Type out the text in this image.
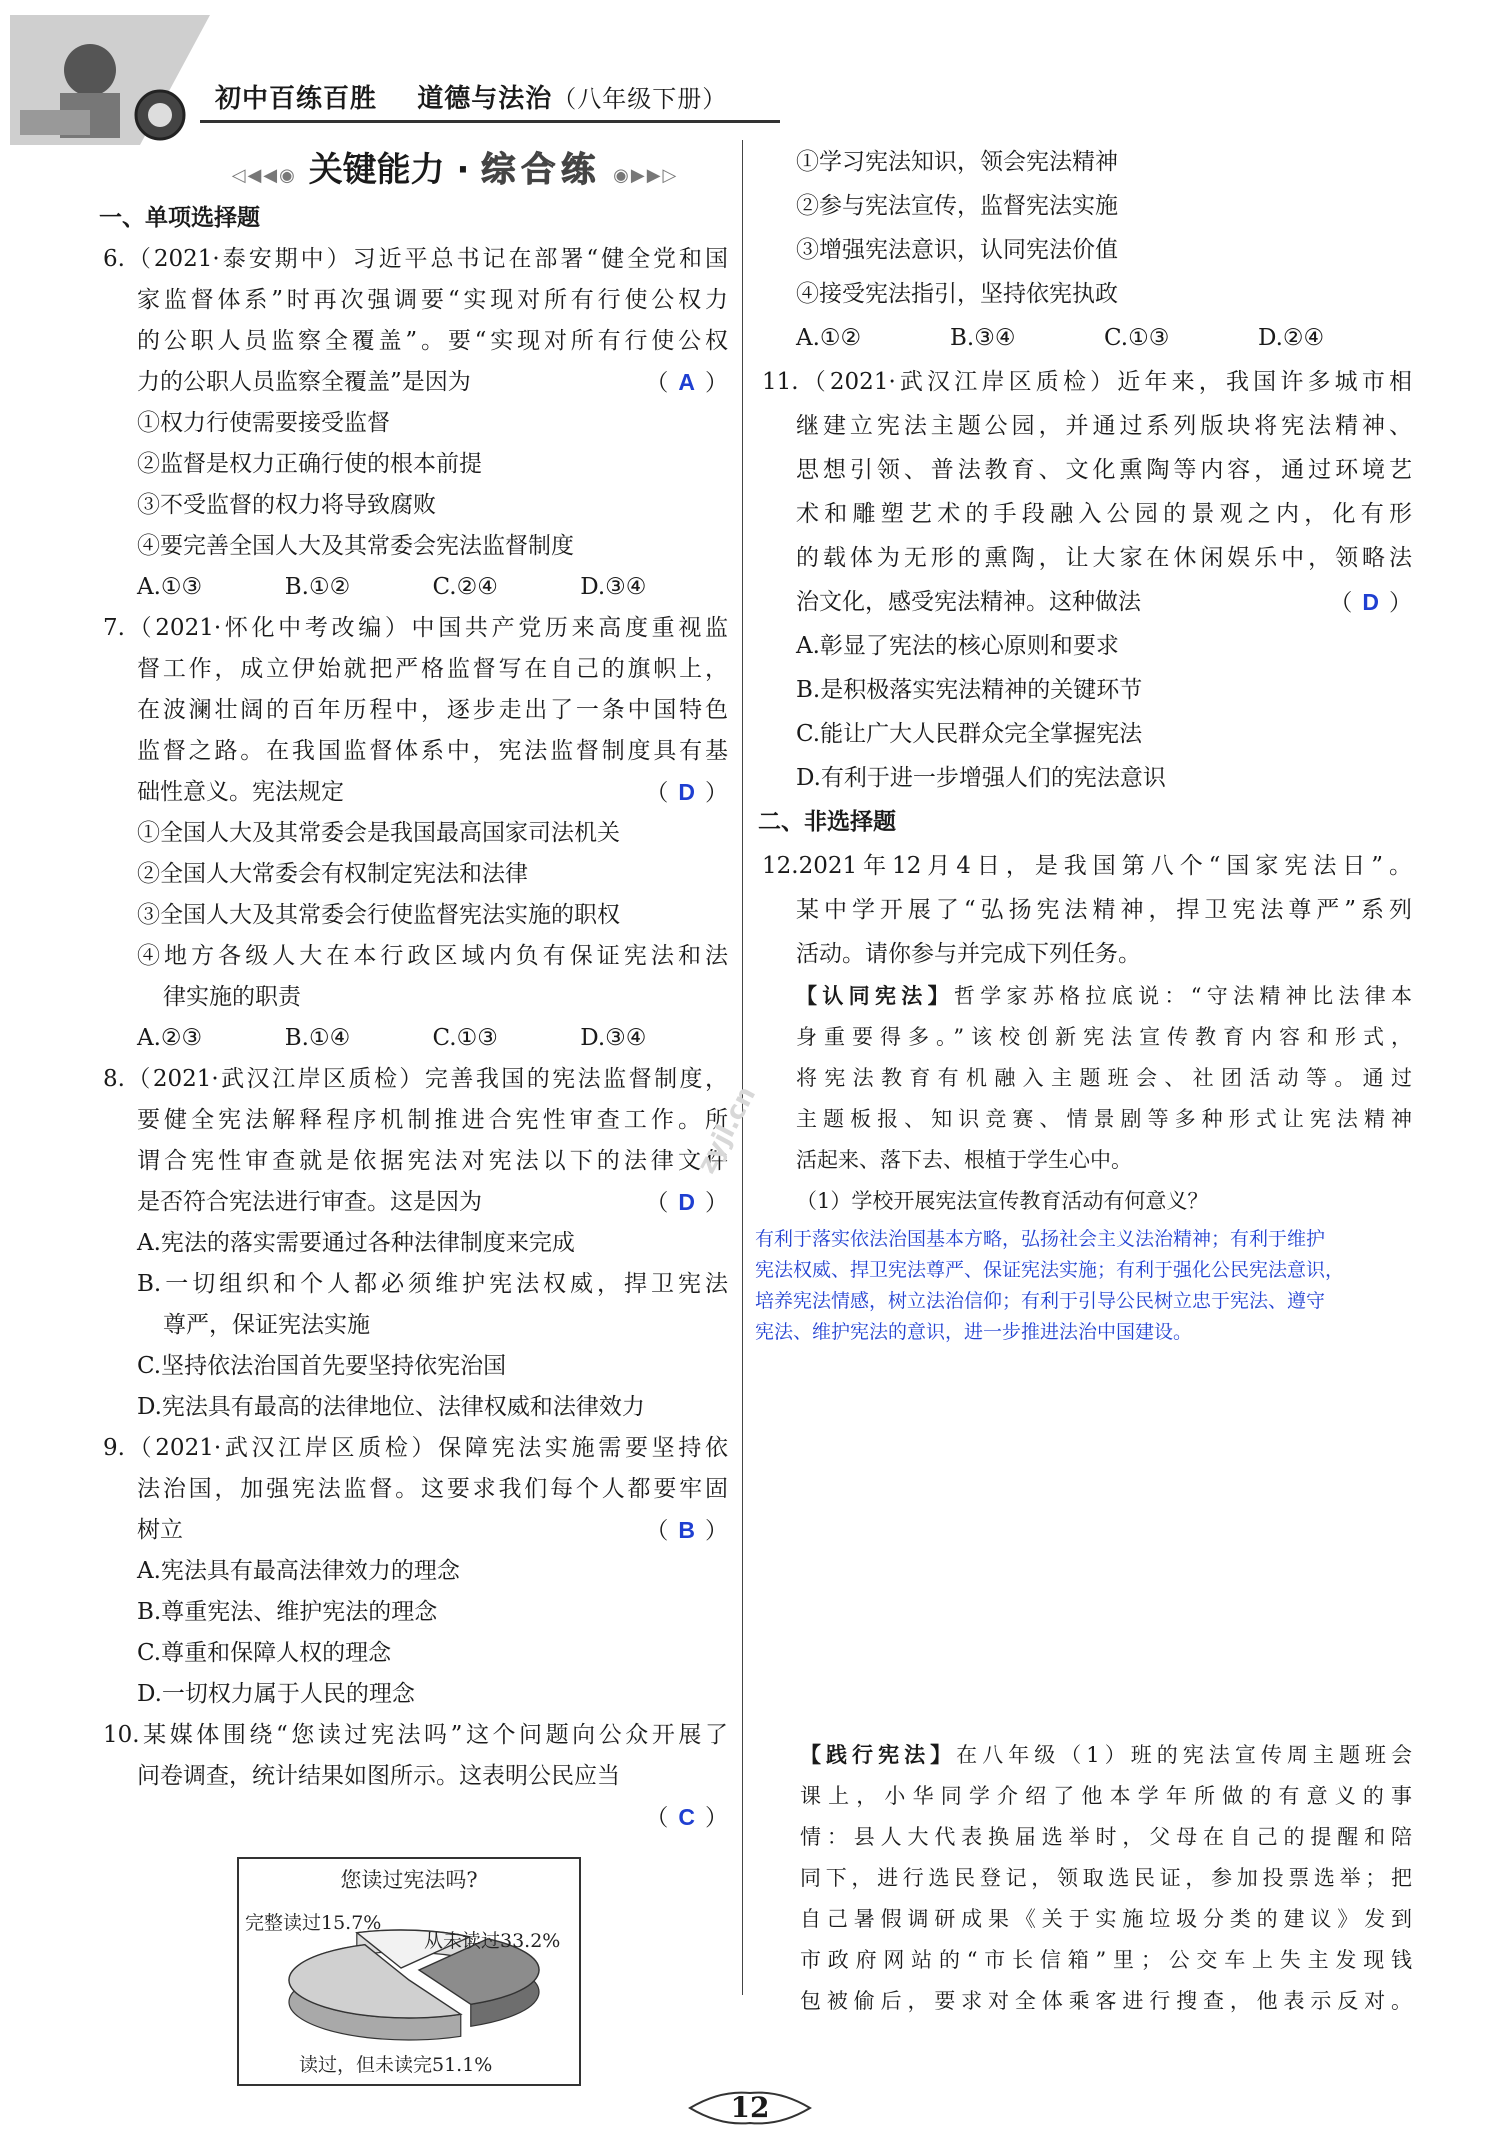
初中百练百胜 道德与法治（八年级下册）
◁◀◀◉ 关键能力 · 综合练 ◉▶▶▷
一、单项选择题
6.（2021·泰安期中）习近平总书记在部署“健全党和国
家监督体系”时再次强调要“实现对所有行使公权力
的公职人员监察全覆盖”。要“实现对所有行使公权
力的公职人员监察全覆盖”是因为	（ A ）
①权力行使需要接受监督
②监督是权力正确行使的根本前提
③不受监督的权力将导致腐败
④要完善全国人大及其常委会宪法监督制度
A.①③	B.①②	C.②④	D.③④
7.（2021·怀化中考改编）中国共产党历来高度重视监
督工作，成立伊始就把严格监督写在自己的旗帜上，
在波澜壮阔的百年历程中，逐步走出了一条中国特色
监督之路。在我国监督体系中，宪法监督制度具有基
础性意义。宪法规定	（ D ）
①全国人大及其常委会是我国最高国家司法机关
②全国人大常委会有权制定宪法和法律
③全国人大及其常委会行使监督宪法实施的职权
④地方各级人大在本行政区域内负有保证宪法和法
律实施的职责
A.②③	B.①④	C.①③	D.③④
8.（2021·武汉江岸区质检）完善我国的宪法监督制度，
要健全宪法解释程序机制推进合宪性审查工作。所
谓合宪性审查就是依据宪法对宪法以下的法律文件
是否符合宪法进行审查。这是因为	（ D ）
A.宪法的落实需要通过各种法律制度来完成
B.一切组织和个人都必须维护宪法权威，捍卫宪法
尊严，保证宪法实施
C.坚持依法治国首先要坚持依宪治国
D.宪法具有最高的法律地位、法律权威和法律效力
9.（2021·武汉江岸区质检）保障宪法实施需要坚持依
法治国，加强宪法监督。这要求我们每个人都要牢固
树立	（ B ）
A.宪法具有最高法律效力的理念
B.尊重宪法、维护宪法的理念
C.尊重和保障人权的理念
D.一切权力属于人民的理念
10.某媒体围绕“您读过宪法吗”这个问题向公众开展了
问卷调查，统计结果如图所示。这表明公民应当
（ C ）
您读过宪法吗?
完整读过15.7%
从未读过33.2%
读过，但未读完51.1%
①学习宪法知识，领会宪法精神
②参与宪法宣传，监督宪法实施
③增强宪法意识，认同宪法价值
④接受宪法指引，坚持依宪执政
A.①②	B.③④	C.①③	D.②④
11.（2021·武汉江岸区质检）近年来，我国许多城市相
继建立宪法主题公园，并通过系列版块将宪法精神、
思想引领、普法教育、文化熏陶等内容，通过环境艺
术和雕塑艺术的手段融入公园的景观之内，化有形
的载体为无形的熏陶，让大家在休闲娱乐中，领略法
治文化，感受宪法精神。这种做法	（ D ）
A.彰显了宪法的核心原则和要求
B.是积极落实宪法精神的关键环节
C.能让广大人民群众完全掌握宪法
D.有利于进一步增强人们的宪法意识
二、非选择题
12.2021年12月4日，是我国第八个“国家宪法日”。
某中学开展了“弘扬宪法精神，捍卫宪法尊严”系列
活动。请你参与并完成下列任务。
【认同宪法】哲学家苏格拉底说：“守法精神比法律本
身重要得多。”该校创新宪法宣传教育内容和形式，
将宪法教育有机融入主题班会、社团活动等。通过
主题板报、知识竞赛、情景剧等多种形式让宪法精神
活起来、落下去、根植于学生心中。
（1）学校开展宪法宣传教育活动有何意义？
有利于落实依法治国基本方略，弘扬社会主义法治精神；有利于维护
宪法权威、捍卫宪法尊严、保证宪法实施；有利于强化公民宪法意识，
培养宪法情感，树立法治信仰；有利于引导公民树立忠于宪法、遵守
宪法、维护宪法的意识，进一步推进法治中国建设。
【践行宪法】在八年级（1）班的宪法宣传周主题班会
课上，小华同学介绍了他本学年所做的有意义的事
情：县人大代表换届选举时，父母在自己的提醒和陪
同下，进行选民登记，领取选民证，参加投票选举；把
自己暑假调研成果《关于实施垃圾分类的建议》发到
市政府网站的“市长信箱”里；公交车上失主发现钱
包被偷后，要求对全体乘客进行搜查，他表示反对。
zyjl.cn
12
